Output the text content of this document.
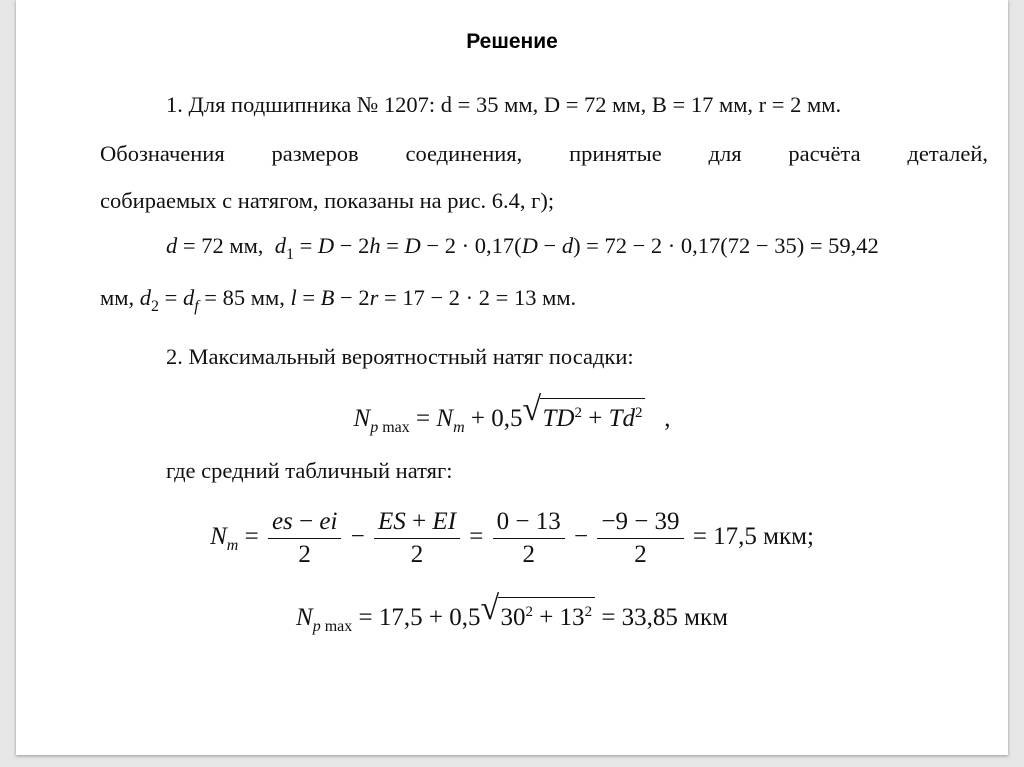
Решение
1. Для подшипника № 1207: d = 35 мм, D = 72 мм, B = 17 мм, r = 2 мм.
Обозначения размеров соединения, принятые для расчёта деталей,
собираемых с натягом, показаны на рис. 6.4, г);
d = 72 мм, $d_1 = D - 2h = D - 2 \cdot 0,17(D - d) = 72 - 2 \cdot 0,17(72 - 35) = 59,42$
мм, $d_2 = d_f = 85$ мм, l = B − 2r = 17 − 2 · 2 = 13 мм.
2. Максимальный вероятностный натяг посадки:
$N_{p max} = N_m + 0,5$ √ $TD^2 + Td^2$   ,
где средний табличный натяг:
$N_m = \frac{es - ei}{2} - \frac{ES + EI}{2} = \frac{0 - 13}{2} - \frac{-9 - 39}{2} = 17,5$ мкм;
$N_{p max} = 17,5 + 0,5$ √ $30^2 + 13^2 = 33,85$ мкм
